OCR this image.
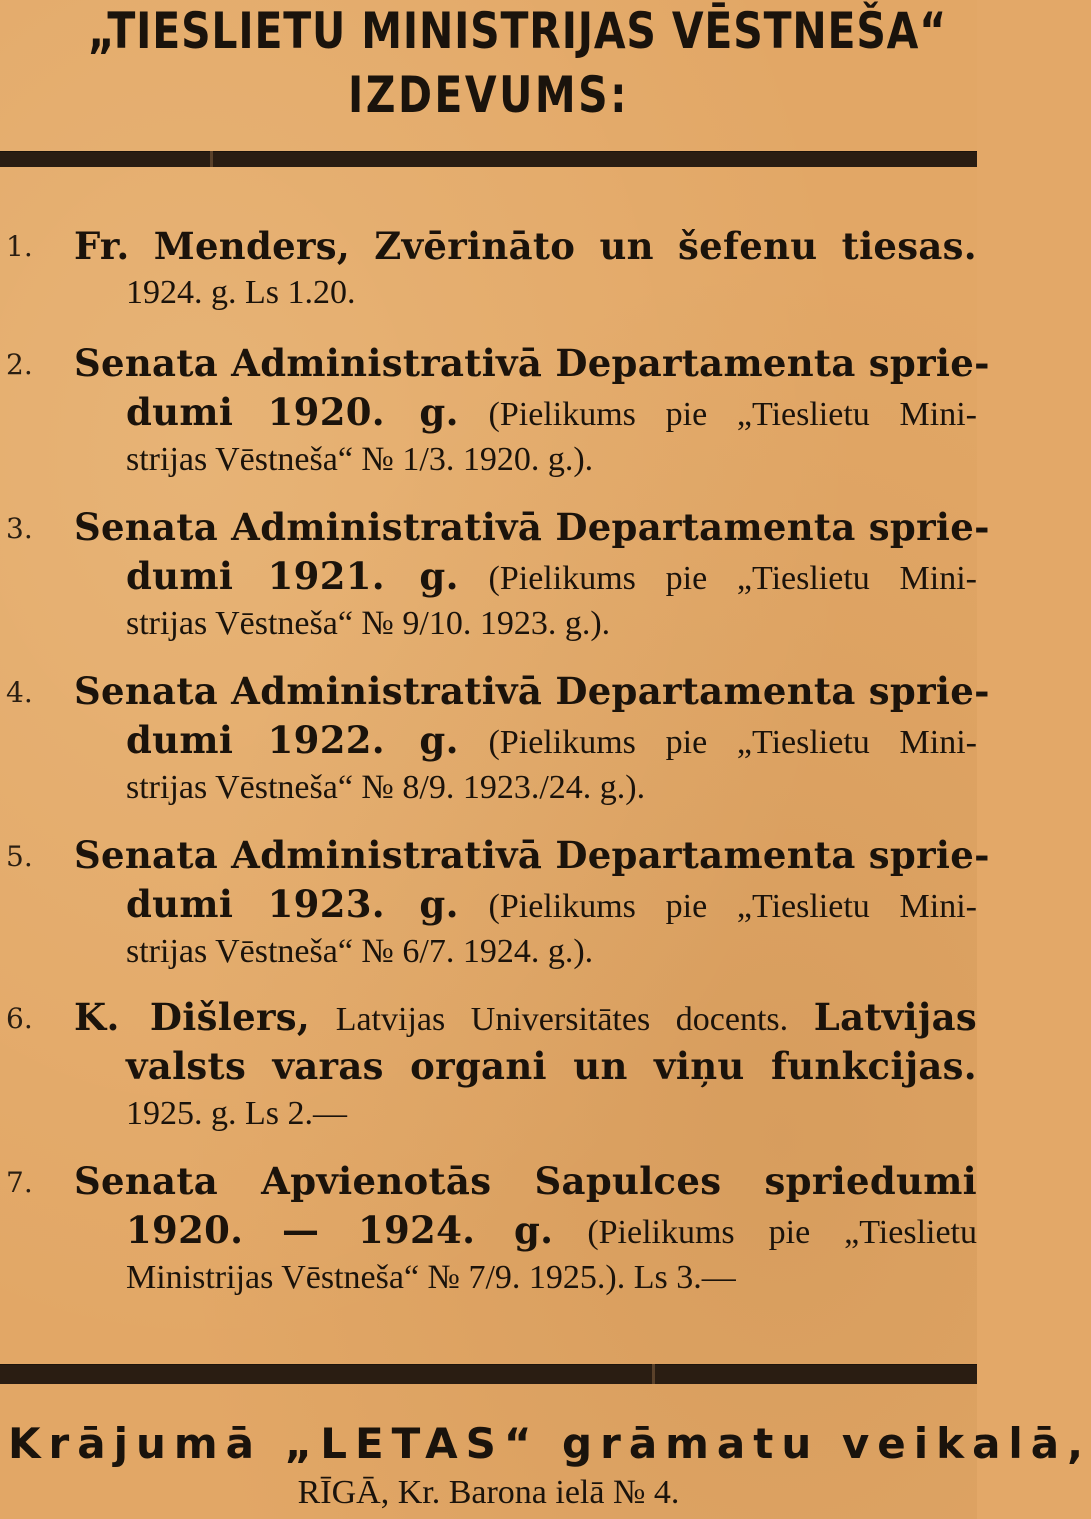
„TIESLIETU MINISTRIJAS VĒSTNEŠA“
IZDEVUMS:
1.	Fr. Menders, Zvērināto un šefenu tiesas.
1924. g. Ls 1.20.
2.	Senata Administrativā Departamenta sprie-
dumi 1920. g. (Pielikums pie „Tieslietu Mini-
strijas Vēstneša“ № 1/3. 1920. g.).
3.	Senata Administrativā Departamenta sprie-
dumi 1921. g. (Pielikums pie „Tieslietu Mini-
strijas Vēstneša“ № 9/10. 1923. g.).
4.	Senata Administrativā Departamenta sprie-
dumi 1922. g. (Pielikums pie „Tieslietu Mini-
strijas Vēstneša“ № 8/9. 1923./24. g.).
5.	Senata Administrativā Departamenta sprie-
dumi 1923. g. (Pielikums pie „Tieslietu Mini-
strijas Vēstneša“ № 6/7. 1924. g.).
6.	K. Dišlers, Latvijas Universitātes docents. Latvijas
valsts varas organi un viņu funkcijas.
1925. g. Ls 2.—
7.	Senata Apvienotās Sapulces spriedumi
1920. — 1924. g. (Pielikums pie „Tieslietu
Ministrijas Vēstneša“ № 7/9. 1925.). Ls 3.—
Krājumā „LETAS“ grāmatu veikalā,
RĪGĀ, Kr. Barona ielā № 4.
